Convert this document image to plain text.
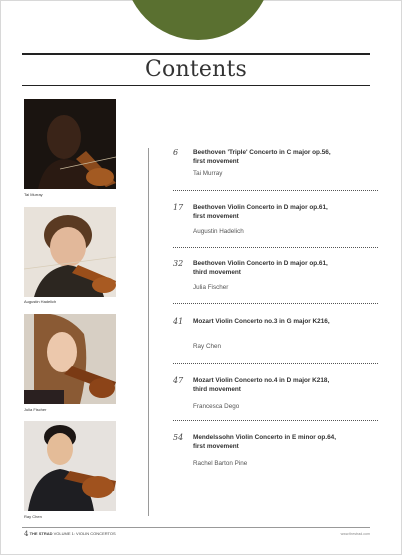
Contents
Tai Murray
Augustin Hadelich
Julia Fischer
Ray Chen
6 Beethoven 'Triple' Concerto in C major op.56,
first movement
Tai Murray
17 Beethoven Violin Concerto in D major op.61,
first movement
Augustin Hadelich
32 Beethoven Violin Concerto in D major op.61,
third movement
Julia Fischer
41 Mozart Violin Concerto no.3 in G major K216,
Ray Chen
47 Mozart Violin Concerto no.4 in D major K218,
third movement
Francesca Dego
54 Mendelssohn Violin Concerto in E minor op.64,
first movement
Rachel Barton Pine
4 THE STRAD VOLUME 1: VIOLIN CONCERTOS	www.thestrad.com
